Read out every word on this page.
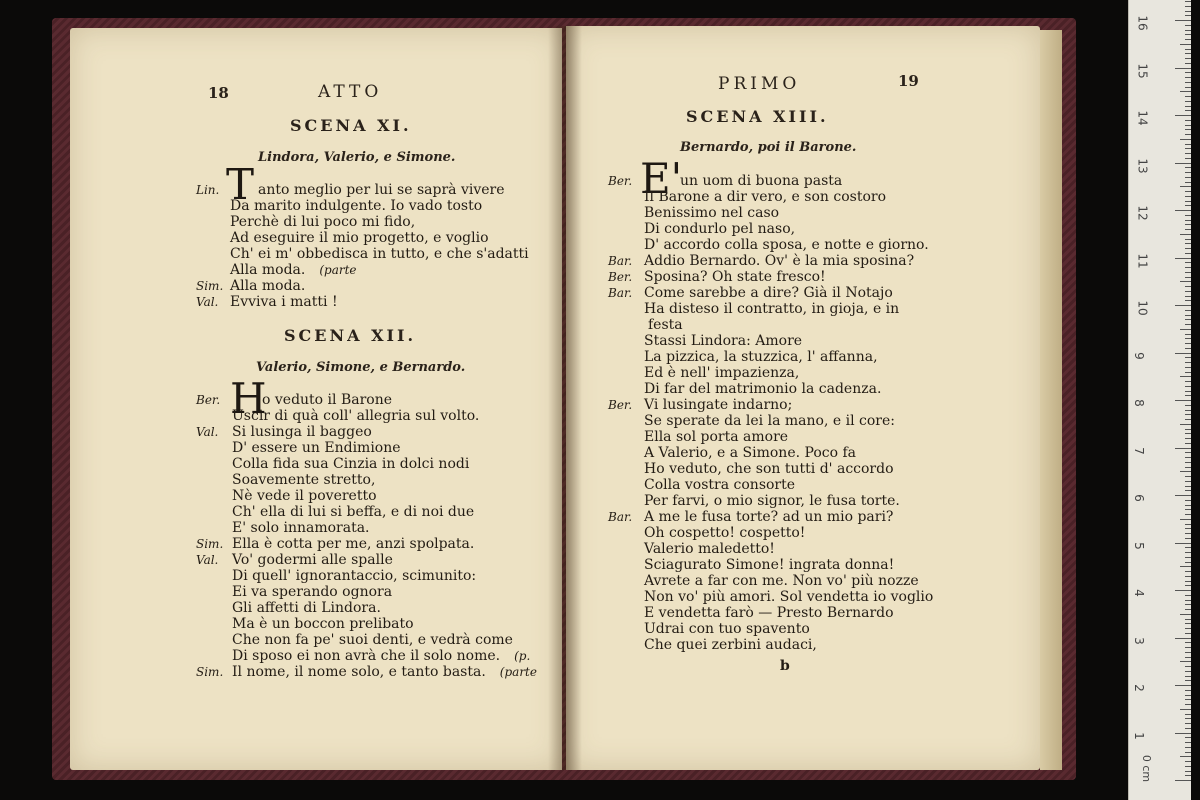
18	ATTO
SCENA XI.
Lindora, Valerio, e Simone.
T
Lin.	anto meglio per lui se saprà vivere
Da marito indulgente. Io vado tosto
Perchè di lui poco mi fido,
Ad eseguire il mio progetto, e voglio
Ch' ei m' obbedisca in tutto, e che s'adatti
Alla moda. (parte
Sim. Alla moda.
Val. Evviva i matti !
SCENA XII.
Valerio, Simone, e Bernardo.
H
Ber.	o veduto il Barone
Uscir di quà coll' allegria sul volto.
Val. Si lusinga il baggeo
D' essere un Endimione
Colla fida sua Cinzia in dolci nodi
Soavemente stretto,
Nè vede il poveretto
Ch' ella di lui si beffa, e di noi due
E' solo innamorata.
Sim. Ella è cotta per me, anzi spolpata.
Val. Vo' godermi alle spalle
Di quell' ignorantaccio, scimunito:
Ei va sperando ognora
Gli affetti di Lindora.
Ma è un boccon prelibato
Che non fa pe' suoi denti, e vedrà come
Di sposo ei non avrà che il solo nome. (p.
Sim. Il nome, il nome solo, e tanto basta. (parte
PRIMO	19
SCENA XIII.
Bernardo, poi il Barone.
E'
Ber.	un uom di buona pasta
Il Barone a dir vero, e son costoro
Benissimo nel caso
Di condurlo pel naso,
D' accordo colla sposa, e notte e giorno.
Bar. Addio Bernardo. Ov' è la mia sposina?
Ber. Sposina? Oh state fresco!
Bar. Come sarebbe a dire? Già il Notajo
Ha disteso il contratto, in gioja, e in
festa
Stassi Lindora: Amore
La pizzica, la stuzzica, l' affanna,
Ed è nell' impazienza,
Di far del matrimonio la cadenza.
Ber. Vi lusingate indarno;
Se sperate da lei la mano, e il core:
Ella sol porta amore
A Valerio, e a Simone. Poco fa
Ho veduto, che son tutti d' accordo
Colla vostra consorte
Per farvi, o mio signor, le fusa torte.
Bar. A me le fusa torte? ad un mio pari?
Oh cospetto! cospetto!
Valerio maledetto!
Sciagurato Simone! ingrata donna!
Avrete a far con me. Non vo' più nozze
Non vo' più amori. Sol vendetta io voglio
E vendetta farò — Presto Bernardo
Udrai con tuo spavento
Che quei zerbini audaci,
b
16
15
14
13
12
11
10
9
8
7
6
5
4
3
2
1
0 cm
